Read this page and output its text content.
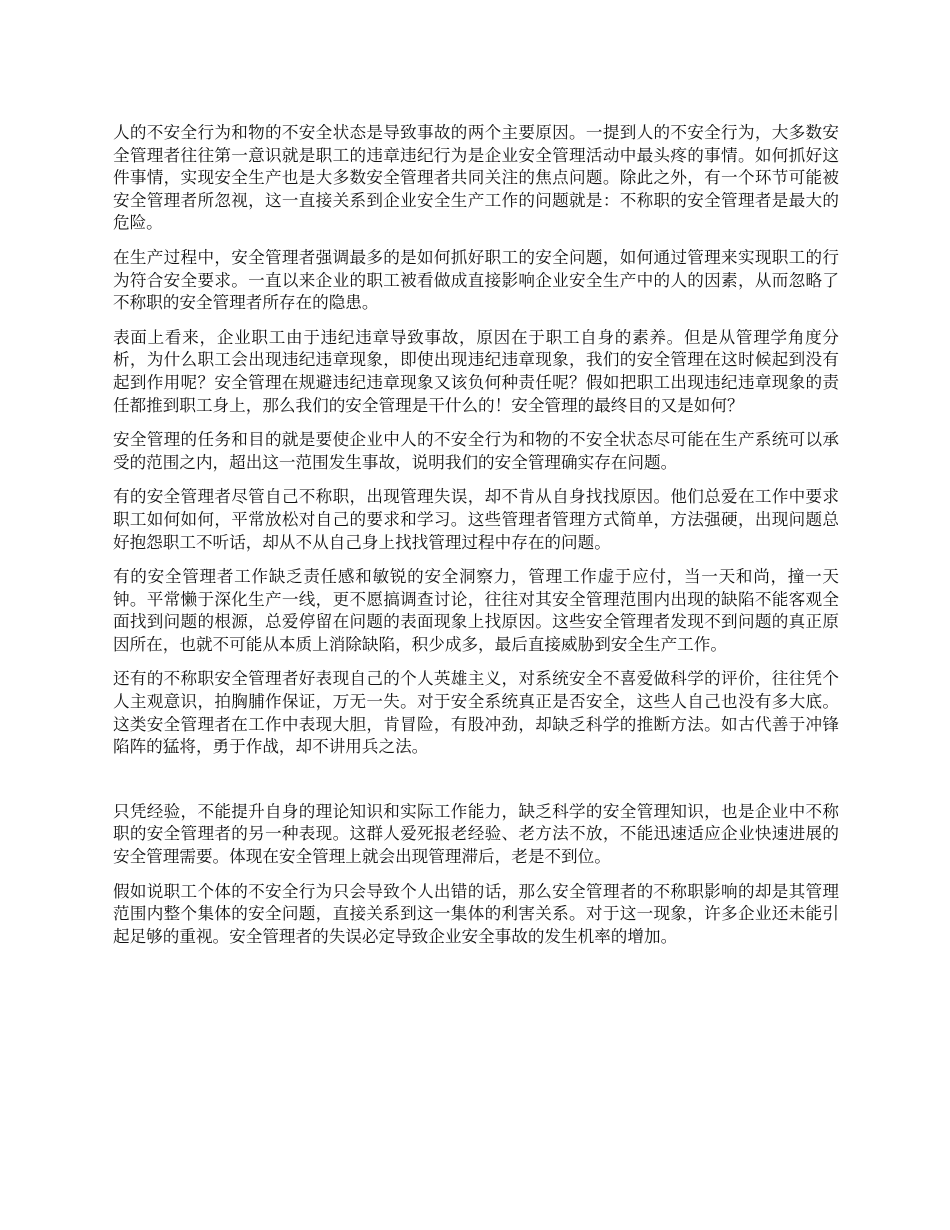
人的不安全行为和物的不安全状态是导致事故的两个主要原因。一提到人的不安全行为，大多数安全管理者往往第一意识就是职工的违章违纪行为是企业安全管理活动中最头疼的事情。如何抓好这件事情，实现安全生产也是大多数安全管理者共同关注的焦点问题。除此之外，有一个环节可能被安全管理者所忽视，这一直接关系到企业安全生产工作的问题就是：不称职的安全管理者是最大的危险。

在生产过程中，安全管理者强调最多的是如何抓好职工的安全问题，如何通过管理来实现职工的行为符合安全要求。一直以来企业的职工被看做成直接影响企业安全生产中的人的因素，从而忽略了不称职的安全管理者所存在的隐患。

表面上看来，企业职工由于违纪违章导致事故，原因在于职工自身的素养。但是从管理学角度分析，为什么职工会出现违纪违章现象，即使出现违纪违章现象，我们的安全管理在这时候起到没有起到作用呢？安全管理在规避违纪违章现象又该负何种责任呢？假如把职工出现违纪违章现象的责任都推到职工身上，那么我们的安全管理是干什么的！安全管理的最终目的又是如何？

安全管理的任务和目的就是要使企业中人的不安全行为和物的不安全状态尽可能在生产系统可以承受的范围之内，超出这一范围发生事故，说明我们的安全管理确实存在问题。

有的安全管理者尽管自己不称职，出现管理失误，却不肯从自身找找原因。他们总爱在工作中要求职工如何如何，平常放松对自己的要求和学习。这些管理者管理方式简单，方法强硬，出现问题总好抱怨职工不听话，却从不从自己身上找找管理过程中存在的问题。

有的安全管理者工作缺乏责任感和敏锐的安全洞察力，管理工作虚于应付，当一天和尚，撞一天钟。平常懒于深化生产一线，更不愿搞调查讨论，往往对其安全管理范围内出现的缺陷不能客观全面找到问题的根源，总爱停留在问题的表面现象上找原因。这些安全管理者发现不到问题的真正原因所在，也就不可能从本质上消除缺陷，积少成多，最后直接威胁到安全生产工作。

还有的不称职安全管理者好表现自己的个人英雄主义，对系统安全不喜爱做科学的评价，往往凭个人主观意识，拍胸脯作保证，万无一失。对于安全系统真正是否安全，这些人自己也没有多大底。这类安全管理者在工作中表现大胆，肯冒险，有股冲劲，却缺乏科学的推断方法。如古代善于冲锋陷阵的猛将，勇于作战，却不讲用兵之法。

只凭经验，不能提升自身的理论知识和实际工作能力，缺乏科学的安全管理知识，也是企业中不称职的安全管理者的另一种表现。这群人爱死报老经验、老方法不放，不能迅速适应企业快速进展的安全管理需要。体现在安全管理上就会出现管理滞后，老是不到位。

假如说职工个体的不安全行为只会导致个人出错的话，那么安全管理者的不称职影响的却是其管理范围内整个集体的安全问题，直接关系到这一集体的利害关系。对于这一现象，许多企业还未能引起足够的重视。安全管理者的失误必定导致企业安全事故的发生机率的增加。
